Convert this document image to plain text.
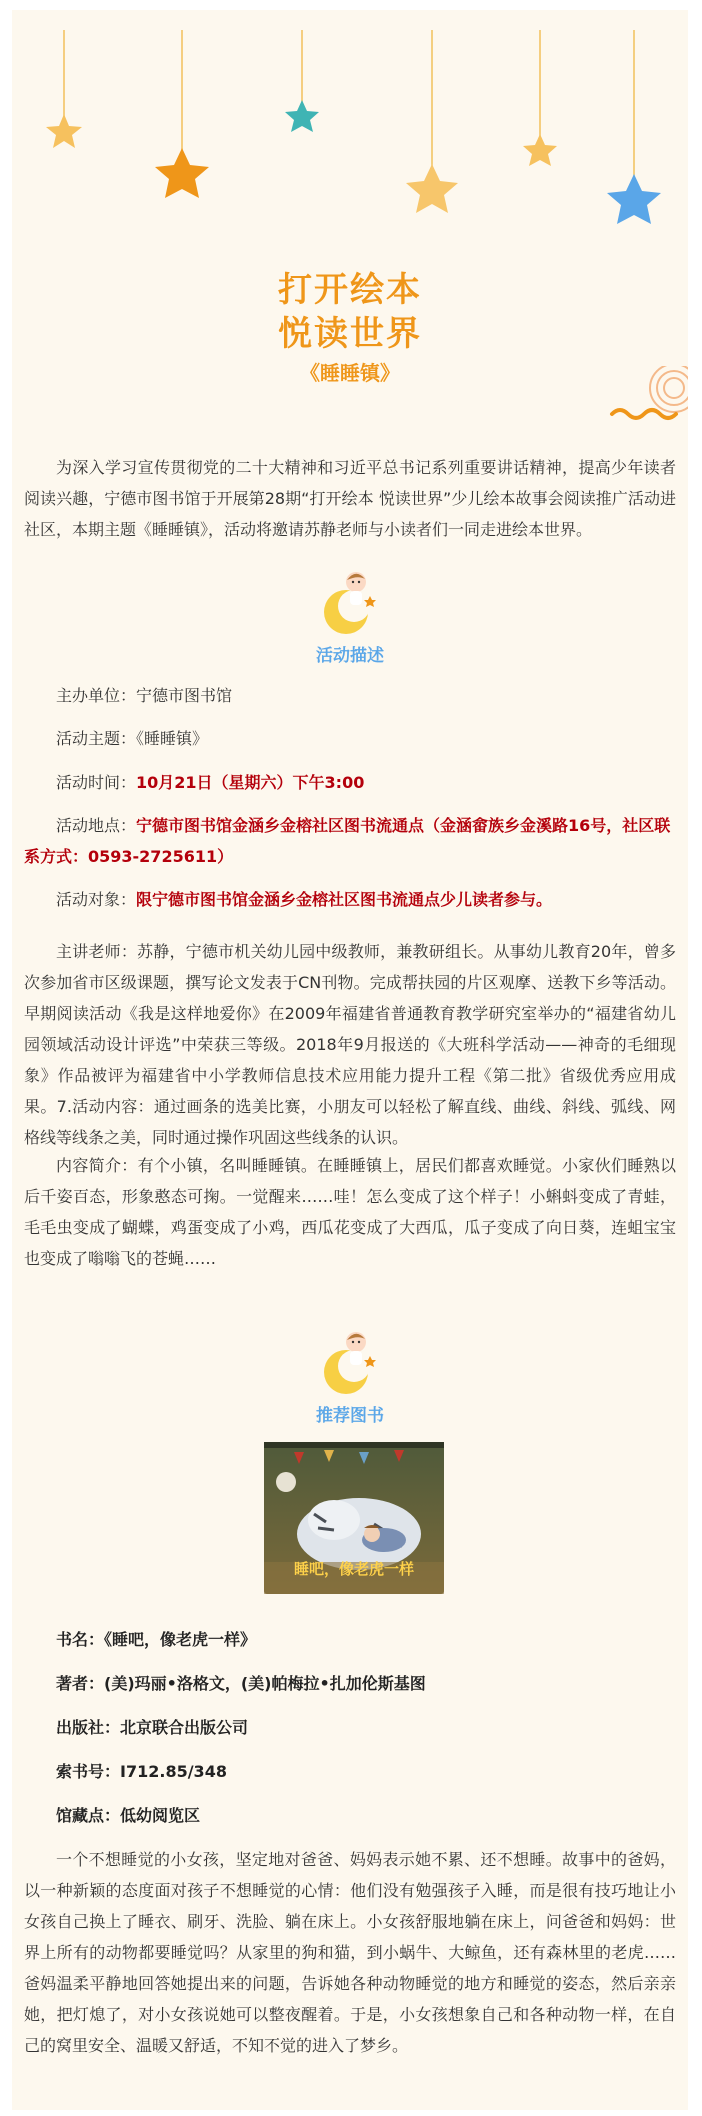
打开绘本
悦读世界
《睡睡镇》

为深入学习宣传贯彻党的二十大精神和习近平总书记系列重要讲话精神，提高少年读者阅读兴趣，宁德市图书馆于开展第28期“打开绘本 悦读世界”少儿绘本故事会阅读推广活动进社区，本期主题《睡睡镇》，活动将邀请苏静老师与小读者们一同走进绘本世界。

活动描述

主办单位：宁德市图书馆

活动主题：《睡睡镇》

活动时间：10月21日（星期六）下午3:00

活动地点：宁德市图书馆金涵乡金榕社区图书流通点（金涵畲族乡金溪路16号，社区联系方式：0593-2725611）

活动对象：限宁德市图书馆金涵乡金榕社区图书流通点少儿读者参与。

主讲老师：苏静，宁德市机关幼儿园中级教师，兼教研组长。从事幼儿教育20年，曾多次参加省市区级课题，撰写论文发表于CN刊物。完成帮扶园的片区观摩、送教下乡等活动。早期阅读活动《我是这样地爱你》在2009年福建省普通教育教学研究室举办的“福建省幼儿园领域活动设计评选”中荣获三等级。2018年9月报送的《大班科学活动——神奇的毛细现象》作品被评为福建省中小学教师信息技术应用能力提升工程《第二批》省级优秀应用成果。7.活动内容：通过画条的选美比赛，小朋友可以轻松了解直线、曲线、斜线、弧线、网格线等线条之美，同时通过操作巩固这些线条的认识。

内容简介：有个小镇，名叫睡睡镇。在睡睡镇上，居民们都喜欢睡觉。小家伙们睡熟以后千姿百态，形象憨态可掬。一觉醒来……哇！怎么变成了这个样子！小蝌蚪变成了青蛙，毛毛虫变成了蝴蝶，鸡蛋变成了小鸡，西瓜花变成了大西瓜，瓜子变成了向日葵，连蛆宝宝也变成了嗡嗡飞的苍蝇……

推荐图书
睡吧，像老虎一样

书名：《睡吧，像老虎一样》

著者：(美)玛丽•洛格文，(美)帕梅拉•扎加伦斯基图

出版社：北京联合出版公司

索书号：I712.85/348

馆藏点：低幼阅览区

一个不想睡觉的小女孩，坚定地对爸爸、妈妈表示她不累、还不想睡。故事中的爸妈，以一种新颖的态度面对孩子不想睡觉的心情：他们没有勉强孩子入睡，而是很有技巧地让小女孩自己换上了睡衣、刷牙、洗脸、躺在床上。小女孩舒服地躺在床上，问爸爸和妈妈：世界上所有的动物都要睡觉吗？从家里的狗和猫，到小蜗牛、大鲸鱼，还有森林里的老虎……爸妈温柔平静地回答她提出来的问题，告诉她各种动物睡觉的地方和睡觉的姿态，然后亲亲她，把灯熄了，对小女孩说她可以整夜醒着。于是，小女孩想象自己和各种动物一样，在自己的窝里安全、温暖又舒适，不知不觉的进入了梦乡。
